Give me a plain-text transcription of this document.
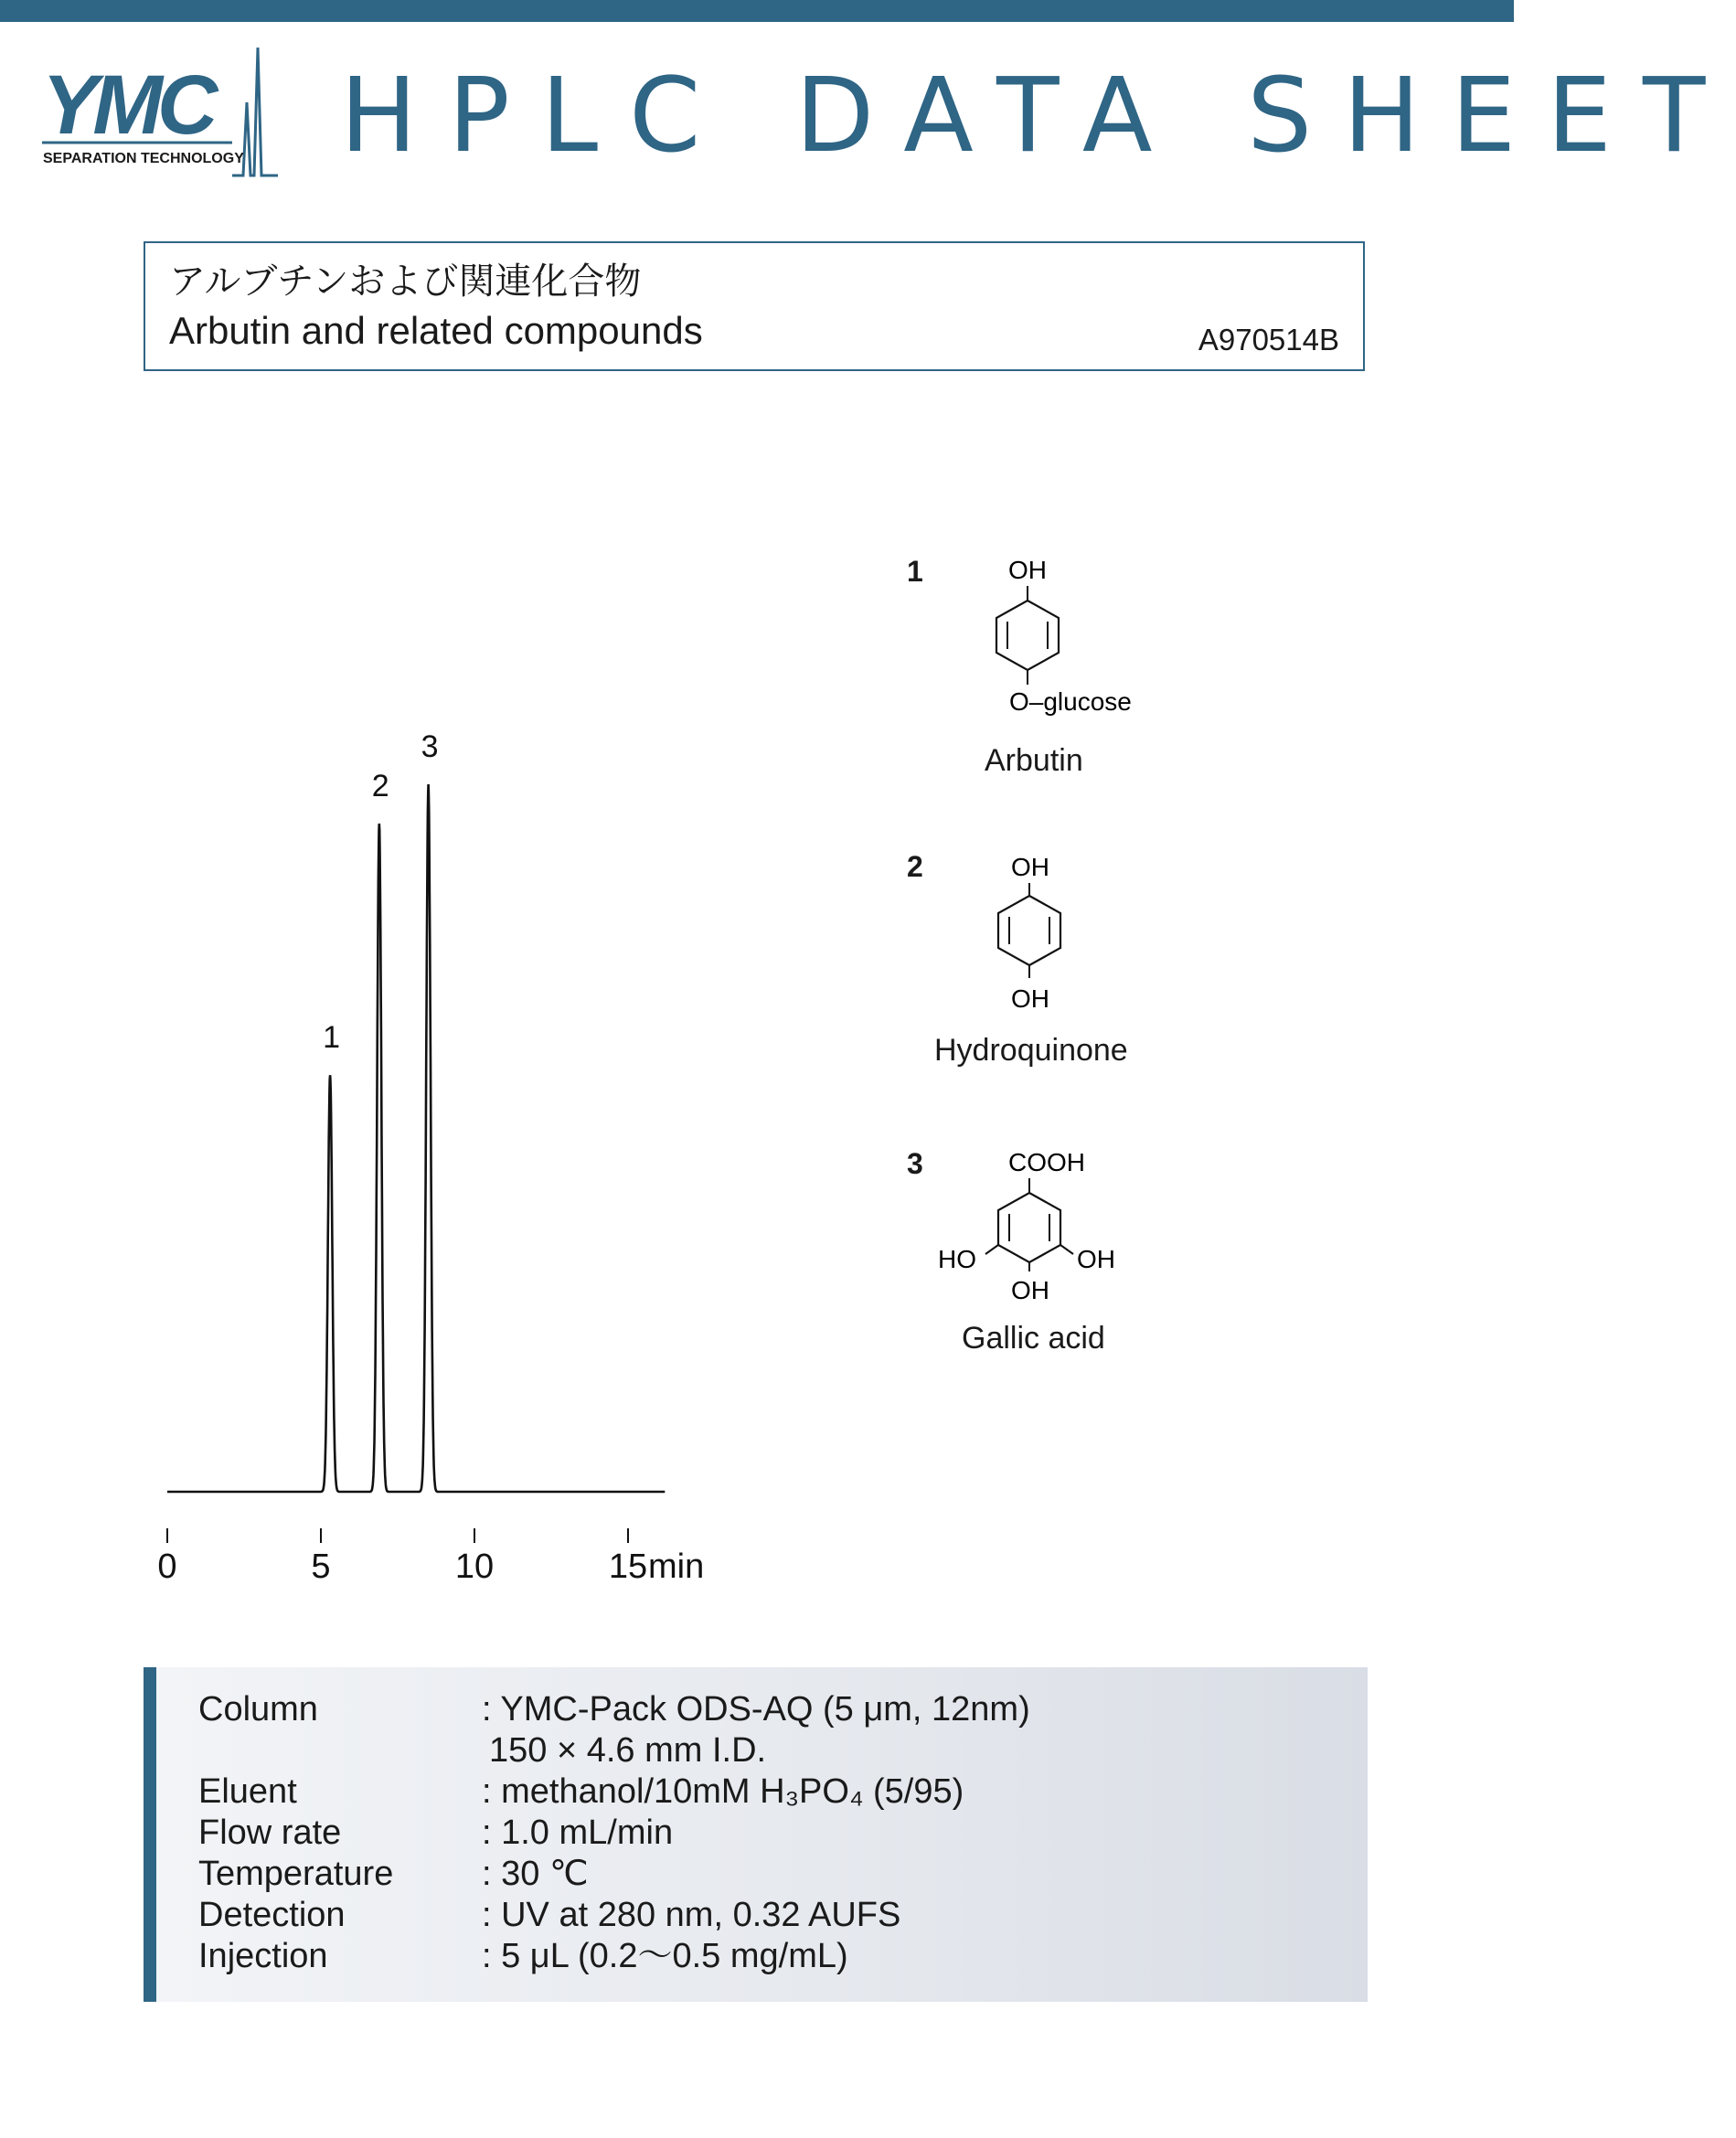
YMC
SEPARATION TECHNOLOGY HPLC DATA SHEET
アルブチンおよび関連化合物
Arbutin and related compounds	A970514B
1
2
3
0	5	10	15 min
1	OH
O–glucose
Arbutin
2	OH
OH
Hydroquinone
3	COOH
HO	OH
OH
Gallic acid
Column	: YMC-Pack ODS-AQ (5 μm, 12nm)
150 × 4.6 mm I.D.
Eluent	: methanol/10mM H₃PO₄ (5/95)
Flow rate	: 1.0 mL/min
Temperature	: 30 ℃
Detection	: UV at 280 nm, 0.32 AUFS
Injection	: 5 μL (0.2～0.5 mg/mL)
